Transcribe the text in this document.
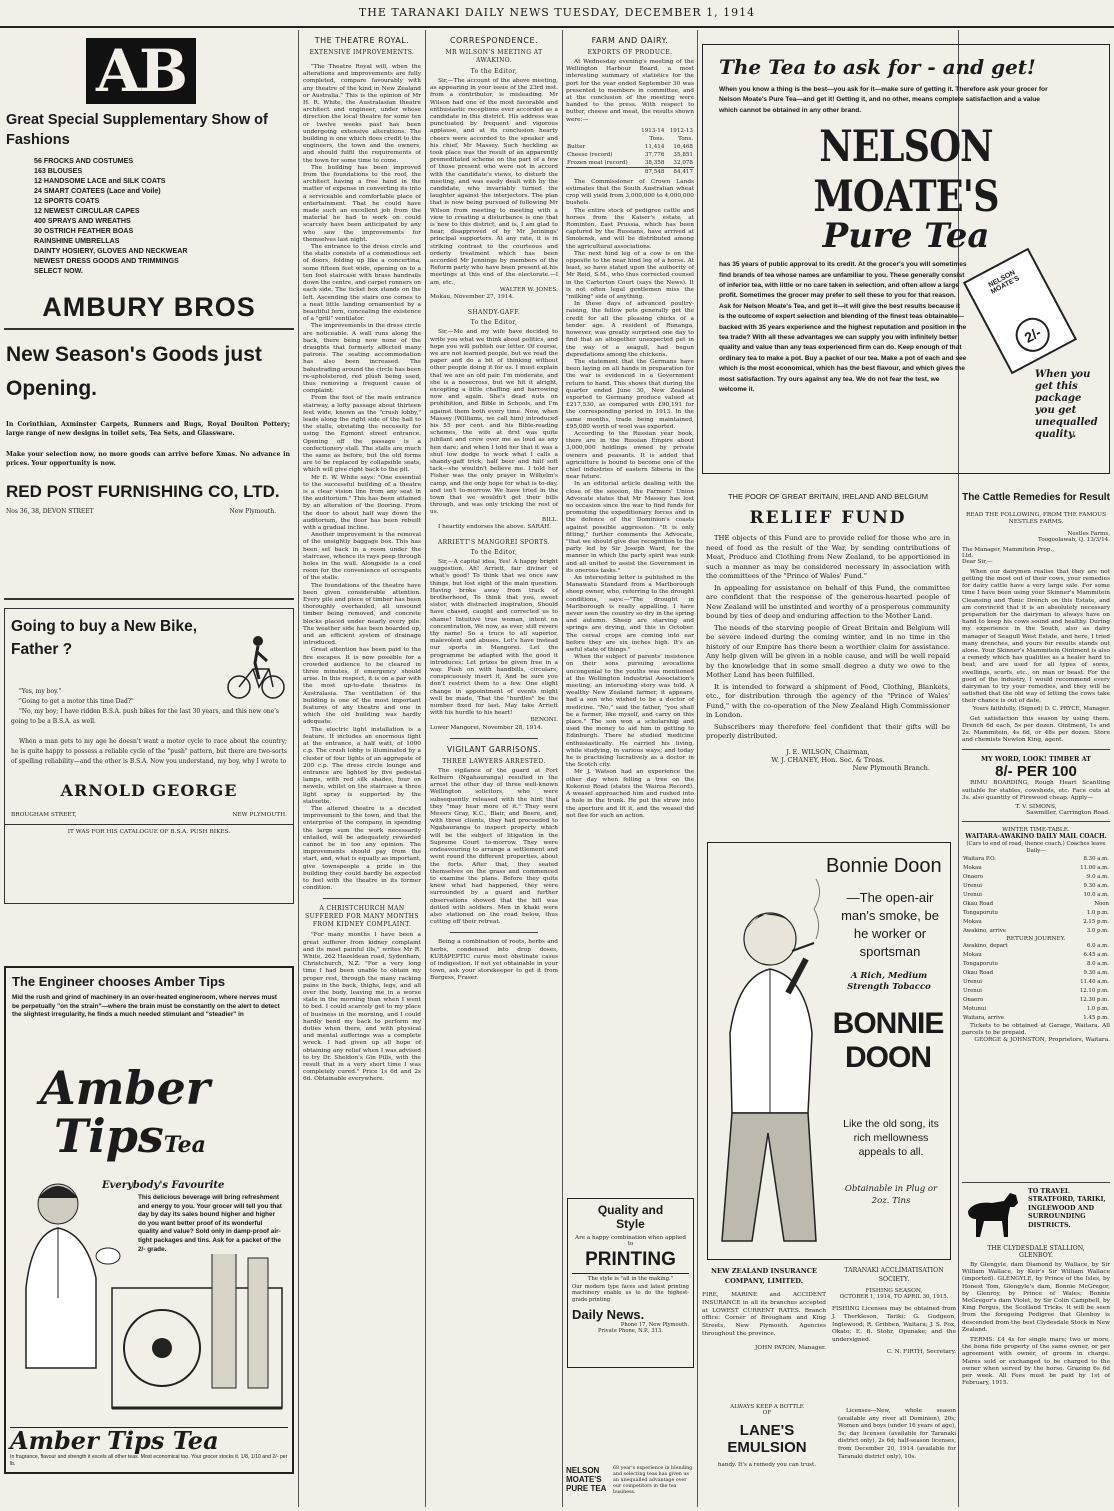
THE TARANAKI DAILY NEWS TUESDAY, DECEMBER 1, 1914
AB
Great Special Supplementary Show of Fashions
56 FROCKS AND COSTUMES
163 BLOUSES
12 HANDSOME LACE and SILK COATS
24 SMART COATEES (Lace and Voile)
12 SPORTS COATS
12 NEWEST CIRCULAR CAPES
400 SPRAYS AND WREATHS
30 OSTRICH FEATHER BOAS
RAINSHINE UMBRELLAS
DAINTY HOSIERY, GLOVES AND NECKWEAR
NEWEST DRESS GOODS AND TRIMMINGS
SELECT NOW.
AMBURY BROS
New Season's Goods just Opening.
In Corinthian, Axminster Carpets, Runners and Rugs, Royal Doulton Pottery; large range of new designs in toilet sets, Tea Sets, and Glassware.
Make your selection now, no more goods can arrive before Xmas. No advance in prices. Your opportunity is now.
RED POST FURNISHING CO, LTD.
Nos 36, 38, DEVON STREET	New Plymouth.
Going to buy a New Bike, Father ?

"Yes, my boy."

"Going to get a motor this time Dad?"

"No, my boy; I have ridden B.S.A. push bikes for the last 30 years, and this new one's going to be a B.S.A. as well.

When a man gets to my age he doesn't want a motor cycle to race about the country; he is quite happy to possess a reliable cycle of the "push" pattern, but there are two-sorts of spelling reliability—and the other is B.S.A. Now you understand, my boy, why I wrote to
ARNOLD GEORGE
BROUGHAM STREET,	NEW PLYMOUTH.
IT WAS FOR HIS CATALOGUE OF B.S.A. PUSH BIKES.
The Engineer chooses Amber Tips
Mid the rush and grind of machinery in an over-heated engineroom, where nerves must be perpetually "on the strain"—where the brain must be constantly on the alert to detect the slightest irregularity, he finds a much needed stimulant and "steadier" in
Amber
TipsTea
Everybody's Favourite
This delicious beverage will bring refreshment and energy to you. Your grocer will tell you that day by day its sales bound higher and higher do you want better proof of its wonderful quality and value? Sold only in damp-proof air-tight packages and tins. Ask for a packet of the 2/- grade.
Amber Tips Tea
In fragrance, flavour and strength it excels all other teas. Most economical too. Your grocer stocks it. 1/8, 1/10 and 2/- per lb.
THE THEATRE ROYAL.
EXTENSIVE IMPROVEMENTS.

"The Theatre Royal will, when the alterations and improvements are fully completed, compare favourably with any theatre of the kind in New Zealand or Australia." This is the opinion of Mr H. R. White, the Australasian theatre architect and engineer, under whose direction the local theatre for some ten or twelve weeks past has been undergoing extensive alterations. The building is one which does credit to the engineers, the town and the owners, and should fulfil the requirements of the town for some time to come.

The building has been improved from the foundations to the roof, the architect having a free hand in the matter of expense in converting its into a serviceable and comfortable place of entertainment. That he could have made such an excellent job from the material he had to work on could scarcely have been anticipated by any who saw the improvements for themselves last night.

The entrance to the dress circle and the stalls consists of a commodious set of doors, folding up like a concertina, some fifteen feet wide, opening on to a ten foot staircase with brass handrails down the centre, and carpet runners on each side. The ticket box stands on the left. Ascending the stairs one comes to a neat little landing ornamented by a beautiful fern, concealing the existence of a "grill" ventilator.

The improvements in the dress circle are noticeable. A wall runs along the back, there being now none of the draughts that formerly affected many patrons. The seating accommodation has also been increased. The balustrading around the circle has been re-upholstered, red plush being used, thus removing a frequent cause of complaint.

From the foot of the main entrance stairway, a lofty passage about thirteen feet wide, known as the "crush lobby," leads along the right side of the hall to the stalls, obviating the necessity for using the Egmont street entrance. Opening off the passage is a confectionery stall. The stalls are much the same as before, but the old forms are to be replaced by collapsible seats, which will give right back to the pit.

Mr E. W. White says: "One essential to the successful building of a theatre is a clear vision line from any seat in the auditorium." This has been attained by an alteration of the flooring. From the door to about half way down the auditorium, the floor has been rebuilt with a gradual incline.

Another improvement is the removal of the unsightly baggage box. This has been set back in a room under the staircase, whence its rays peep through holes in the wall. Alongside is a cool room for the convenience of occupants of the stalls.

The foundations of the theatre have been given considerable attention. Every pile and piece of timber has been thoroughly overhauled, all unsound timber being removed, and concrete blocks placed under nearly every pile. The weather side has been boarded up, and an efficient system of drainage introduced.

Great attention has been paid to the fire escapes. It is now possible for a crowded audience to be cleared in three minutes, if emergency should arise. In this respect, it is on a par with the most up-to-date theatres in Australasia. The ventilation of the building is one of the most important features of any theatre and one in which the old building was hardly adequate.

The electric light installation is a feature. It includes an enormous light at the entrance, a half watt, of 1000 c.p. The crush lobby is illuminated by a cluster of four lights of an aggregate of 200 c.p. The dress circle lounge and entrance are lighted by five pedestal lamps, with red silk shades, four on newels, whilst on the staircase a three light spray is supported by the statuette.

The altered theatre is a decided improvement to the town, and that the enterprise of the company, in spending the large sum the work necessarily entailed, will be adequately rewarded cannot be in too any opinion. The improvements should pay from the start, and, what is equally as important, give townspeople a pride in the building they could hardly be expected to feel with the theatre in its former condition.

A CHRISTCHURCH MAN SUFFERED FOR MANY MONTHS FROM KIDNEY COMPLAINT.

"For many months I have been a great sufferer from kidney complaint and its most painful ills," writes Mr R. White, 262 Hazeldean road, Sydenham, Christchurch, N.Z. "For a very long time I had been unable to obtain my proper rest, through the many racking pains in the back, thighs, legs, and all over the body, leaving me in a worse state in the morning than when I went to bed. I could scarcely get to my place of business in the morning, and I could hardly bend my back to perform my duties when there, and with physical and mental sufferings was a complete wreck. I had given up all hope of obtaining any relief when I was advised to try Dr. Sheldon's Gin Pills, with the result that in a very short time I was completely cured." Price 1s 6d and 2s 6d. Obtainable everywhere.

CORRESPONDENCE.
MR WILSON'S MEETING AT AWAKINO.
To the Editor,

Sir,—The account of the above meeting, as appearing in your issue of the 23rd inst. from a contributor, is misleading. Mr Wilson had one of the most favorable and enthusiastic receptions ever accorded as a candidate in this district. His address was punctuated by frequent and vigorous applause, and at its conclusion hearty cheers were accorded to the speaker and his chief, Mr Massey. Such heckling as took place was the result of an apparently premeditated scheme on the part of a few of those present who were not in accord with the candidate's views, to disturb the meeting, and was easily dealt with by the candidate, who invariably turned the laughter against the interjectors. The plan that is now being pursued of following Mr Wilson from meeting to meeting with a view to creating a disturbance is one that is new to this district, and is, I am glad to hear, disapproved of by Mr Jennings' principal supporters. At any rate, it is in striking contrast to the courteous and orderly treatment which has been accorded Mr Jennings by members of the Reform party who have been present at his meetings at this end of the electorate.—I am, etc.,

WALTER W. JONES.
Mokau, November 27, 1914.
SHANDY-GAFF.
To the Editor,

Sir,—Me and my wife have decided to write you what we think about politics, and hope you will publish our letter. Of course, we are not learned people, but we read the paper and do a bit of thinking without other people doing it for us. I must explain that we are an old pair. I'm moderate, and she is a nosecross, but we hit it alright, excepting a little chaffing and harrowing now and again. She's dead nuts on prohibition, and Bible in Schools, and I'm against them both every time. Now, when Massey (Williams, we call him) introduced his 55 per cent. and his Bible-reading schemes, the wife at first was quite jubilant and crew over me as loud as any hen dare; and when I told her that it was a shut low dodge to work what I calls a shandy-gaff trick, half beer and half soft tack—she wouldn't believe me. I told her Fisher was the only prayer in Wilhelm's camp, and the only hope for what is to-day, and isn't to-morrow. We have tried in the town that we wouldn't get their bills through, and was only tricking the rest of us.

BILL.
I heartily endorses the above. SARAH.
ARRIETT'S MANGOREI SPORTS.
To the Editor,

Sir,—A capital idea, Yes! A happy bright suggestion, Ah! Arriett, fair diviner of what's good! To think that we once saw things, but lost sight of the main question. Having broke away from track of brotherhood, To think that you, sweet sister, with distracted inspiration, Should have chased, caught and corrected us to shame! Intuitive true woman, intent on concentration, We now, as ever, still revere thy name! So a truce to all superior, malevolent and abuses. Let's have instead our sports in Mangorei. Let the programme be adapted with the good it introduces; Let prizes be given free in a way. Push on with handbills, circulars, conspicuously insert it, And be sure you don't restrict them to a few. One slight change in appointment of events might well be made, That the "hurdles" be the number fixed for last. May take Arriett with his hurdle to his heart!

BENONI.
Lower Mangorei, November 28, 1914.
VIGILANT GARRISONS.
THREE LAWYERS ARRESTED.

The vigilance of the guard at Fort Kelburn (Ngahauranga) resulted in the arrest the other day of three well-known Wellington solicitors, who were subsequently released with the hint that they "may hear more of it." They were Messrs Gray, K.C., Blair, and Beere, and, with three clients, they had proceeded to Ngahauranga to inspect property which will be the subject of litigation in the Supreme Court to-morrow. They were endeavouring to arrange a settlement and went round the different properties, about the forts. After that, they seated themselves on the grass and commenced to examine the plans. Before they quite knew what had happened, they were surrounded by a guard and further observations showed that the hill was dotted with soldiers. Men in khaki were also stationed on the road below, thus cutting off their retreat.

Being a combination of roots, herbs and herbs, condensed into drop doses, KURAPEPTIC cures most obstinate cases of indigestion. If not yet obtainable in your town, ask your storekeeper to get it from Burgess, Fraser.

FARM AND DAIRY.
EXPORTS OF PRODUCE.

At Wednesday evening's meeting of the Wellington Harbour Board, a most interesting summary of statistics for the port for the year ended September 30 was presented to members in committee, and at the conclusion of the meeting were handed to the press. With respect to butter, cheese and meat, the results shown were:—

	1913-14	1912-13
	Tons.	Tons.
Butter	11,414	16,468
Cheese (record)	37,776	35,851
Frozen meat (record)	38,358	32,078
	87,548	84,417

The Commissioner of Crown Lands estimates that the South Australian wheat crop will yield from 3,000,000 to 4,000,000 bushels.

The entire stock of pedigree cattle and horses from the Kaiser's estate at Rominten, East Prussia, which has been captured by the Russians, have arrived at Smolensk, and will be distributed among the agricultural associations.

The next hind leg of a cow is on the opposite to the near hind leg of a horse. At least, so have stated upon the authority of Mr Reid, S.M., who thus corrected counsel in the Carterton Court (says the News). It is not often legal gentlemen miss the "milking" side of anything.

In these days of advanced poultry-raising, the fellow pets generally get the credit for all the pleasing chicks of a tender age. A resident of Runanga, however, was greatly surprised one day to find that an altogether unexpected pet in the way of a seagull, had begun depredations among the chickens.

The statement that the Germans have been laying on all hands in preparation for the war is evidenced in a Government return to hand. This shows that during the quarter ended June 30, New Zealand exported to Germany produce valued at £217,530, as compared with £90,191 for the corresponding period in 1913. In the same months, trade being maintained, £95,080 worth of wool was exported.

According to the Russian year book, there are in the Russian Empire about 3,000,000 holdings owned by private owners and peasants. It is added that agriculture is bound to become one of the chief industries of eastern Siberia in the near future.

In an editorial article dealing with the close of the session, the Farmers' Union Advocate states that Mr Massey has lost no occasion since the war to find funds for promoting the expeditionary forces and in the defence of the Dominion's coasts against possible aggression. "It is only fitting," further comments the Advocate, "that we should give due recognition to the party led by Sir Joseph Ward, for the manner in which the party spirit was sunk and all united to assist the Government in its onerous tasks."

An interesting letter is published in the Manawatu Standard from a Marlborough sheep owner, who, referring to the drought conditions, says:—"The drought in Marlborough is really appalling. I have never seen the country so dry in the spring and autumn. Sheep are starving and springs are drying, and this in October. The cereal crops are coming into ear before they are six inches high. It's an awful state of things."

When the subject of parents' insistence on their sons pursuing avocations uncongenial to the youths was mentioned at the Wellington Industrial Association's meeting, an interesting story was told. A wealthy New Zealand farmer, it appears, had a son who wished to be a doctor of medicine. "No," said the father, "you shall be a farmer, like myself, and carry on this place." The son won a scholarship and used the money to aid him in getting to Edinburgh. There he studied medicine enthusiastically. He carried his living, while studying, in various ways; and today he is practising lucratively as a doctor in the Scotch city.

Mr J. Watson had an experience the other day when felling a tree on the Kokonui Road (states the Wairoa Record). A weasel approached him and rushed into a hole in the trunk. He put the straw into the aperture and lit it, and the weasel did not flee for such an action.

Quality and
Style
Are a happy combination when applied to
PRINTING
The style is "all in the making."
Our modern type faces and latest printing machinery enable us to do the highest-grade printing
Daily News.
Phone 17, New Plymouth.
Private Phone, N.P., 313.
NELSON MOATE'S PURE TEA
68 year's experience in blending and selecting teas has given us an unequalled advantage over our competitors in the tea business.
The Tea to ask for - and get!
When you know a thing is the best—you ask for it—make sure of getting it. Therefore ask your grocer for Nelson Moate's Pure Tea—and get it! Getting it, and no other, means complete satisfaction and a value which cannot be obtained in any other brand.
NELSON MOATE'S
Pure Tea
has 35 years of public approval to its credit. At the grocer's you will sometimes find brands of tea whose names are unfamiliar to you. These generally consist of inferior tea, with little or no care taken in selection, and often allow a large profit. Sometimes the grocer may prefer to sell these to you for that reason. Ask for Nelson Moate's Tea, and get it—it will give the best results because it is the outcome of expert selection and blending of the finest teas obtainable—backed with 35 years experience and the highest reputation and position in the tea trade? With all these advantages we can supply you with infinitely better quality and value than any teas experienced firm can do. Keep enough of that ordinary tea to make a pot. Buy a packet of our tea. Make a pot of each and see which is the most economical, which has the best flavour, and which gives the most satisfaction. Try ours against any tea. We do not fear the test, we welcome it.
2/-
NELSON MOATE'S
When you get this package you get unequalled quality.
THE POOR OF GREAT BRITAIN, IRELAND AND BELGIUM
RELIEF FUND

THE objects of this Fund are to provide relief for those who are in need of food as the result of the War, by sending contributions of Meat, Produce and Clothing from New Zealand, to be apportioned in such a manner as may be considered necessary in association with the committees of the "Prince of Wales' Fund."

In appealing for assistance on behalf of this Fund, the committee are confident that the response of the generous-hearted people of New Zealand will be unstinted and worthy of a prosperous community bound by ties of deep and enduring affection to the Mother Land.

The needs of the starving people of Great Britain and Belgium will be severe indeed during the coming winter, and in no time in the history of our Empire has there been a worthier claim for assistance. Any help given will be given in a noble cause, and will be well repaid by the knowledge that in some small degree a duty we owe to the Mother Land has been fulfilled.

It is intended to forward a shipment of Food, Clothing, Blankets, etc., for distribution through the agency of the "Prince of Wales' Fund," with the co-operation of the New Zealand High Commissioner in London.

Subscribers may therefore feel confident that their gifts will be properly distributed.

J. E. WILSON, Chairman,
W. J. CHANEY, Hon. Sec. & Treas.
New Plymouth Branch.
Bonnie Doon
—The open-air man's smoke, be he worker or sportsman
A Rich, Medium Strength Tobacco
BONNIE
DOON
Like the old song, its rich mellowness appeals to all.
Obtainable in Plug or 2oz. Tins
NEW ZEALAND INSURANCE COMPANY, LIMITED.
FIRE, MARINE and ACCIDENT INSURANCE in all its branches accepted at LOWEST CURRENT RATES. Branch office: Corner of Brougham and King Streets, New Plymouth. Agencies throughout the province.
JOHN PATON, Manager.
TARANAKI ACCLIMATISATION SOCIETY.
FISHING SEASON,
OCTOBER 1, 1914, TO APRIL 30, 1915.
FISHING Licenses may be obtained from J. Therkleson, Tariki; G. Gudgeon, Inglewood; R. Gribben, Waitara; J. S. Fox, Okato; E. B. Stohr, Opunake; and the undersigned.
C. N. FIRTH, Secretary.
ALWAYS KEEP A BOTTLE OF
LANE'S EMULSION
handy. It's a remedy you can trust.
Licenses—New, whole season (available any river all Dominion), 20s; Women and boys (under 16 years of age), 5s; day licenses (available for Taranaki district only), 2s 6d; half-season licenses, from December 20, 1914 (available for Taranaki district only), 10s.
The Cattle Remedies for Result
READ THE FOLLOWING, FROM THE FAMOUS NESTLES FARMS.
Nestles Farms, Toogoolawah, Q. 13/3/14.
The Manager, Mammitein Prop., Ltd.
Dear Sir,—

When our dairymen realise that they are not getting the most out of their cows, your remedies for dairy cattle have a very large sale. For some time I have been using your Skinner's Mammitein Cleansing and Tonic Drench on this Estate, and am convinced that it is an absolutely necessary preparation for the dairyman to always have on hand to keep his cows sound and healthy. During my experience in the South, also as dairy manager of Seagull West Estate, and here, I tried many drenches, and yours for results stands out alone. Your Skinner's Mammitein Ointment is also a remedy which has qualities as a healer hard to beat, and are used for all types of sores, swellings, scurfs, etc., on man or beast. For the good of the industry, I would recommend every dairyman to try your remedies, and they will be satisfied that the old way of letting the cows take their chance is out of date.

Yours faithfully, (Signed) D. C. PRYCE, Manager.

Get satisfaction this season by using them. Drench 6d each, 5s per dozen. Ointment, 1s and 2s. Mammitein, 4s 6d, or 48s per dozen. Store and chemists Newton King, agent.

MY WORD, LOOK! TIMBER AT
8/- PER 100

RIMU BOARDING, Rough Heart Scantling suitable for stables, cowsheds, etc. Face cuts at 3s. also quantity of Firewood cheap. Apply—

T. V. SIMONS,
Sawmiller, Carrington Road.
WINTER TIME-TABLE.
WAITARA-AWAKINO DAILY MAIL COACH.
(Cars to end of road, thence coach.) Coaches leave Daily—
Waitara P.O.	8.30 a.m.
Mokau	11.00 a.m.
Onaero	9.0 a.m.
Urenui	9.30 a.m.
Urenui	10.0 a.m.
Okau Road	Noon
Tongaporutu	1.0 p.m.
Mokau	2.15 p.m.
Awakino, arrive	3.0 p.m.
RETURN JOURNEY.
Awakino, depart	6.0 a.m.
Mokau	6.45 a.m.
Tongaporutu	8.0 a.m.
Okau Road	9.30 a.m.
Urenui	11.40 a.m.
Urenui	12.10 p.m.
Onaero	12.30 p.m.
Motunui	1.0 p.m.
Waitara, arrive	1.45 p.m.

Tickets to be obtained at Garage, Waitara. All parcels to be prepaid.

GEORGE & JOHNSTON, Proprietors, Waitara.
TO TRAVEL STRATFORD, TARIKI, INGLEWOOD AND SURROUNDING DISTRICTS.
THE CLYDESDALE STALLION,
GLENBOY.

By Glengyle, dam Diamond by Wallace, by Sir William Wallace, by Keir's Sir William Wallace (imported). GLENGYLE, by Prince of the Isles, by Honest Tom, Glengyle's dam, Bonnie McGregor, by Glenroy, by Prince of Wales; Bonnie McGregor's dam Violet, by Sir Colin Campbell, by King Fergus, the Scotland Tricks. It will be seen from the foregoing Pedigree that Glenboy is descended from the best Clydesdale Stock in New Zealand.

TERMS: £4 4s for single mare; two or more, the bona fide property of the same owner, or per agreement with owner, of groom in charge. Mares sold or exchanged to be charged to the owner when served by the horse. Grazing 6s 6d per week. All Fees must be paid by 1st of February, 1915.
